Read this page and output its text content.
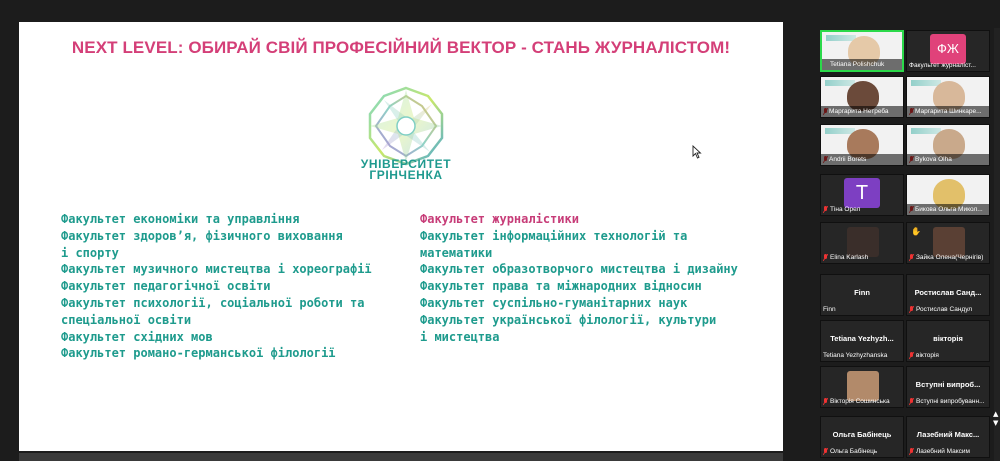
NEXT LEVEL: ОБИРАЙ СВІЙ ПРОФЕСІЙНИЙ ВЕКТОР - СТАНЬ ЖУРНАЛІСТОМ!
УНІВЕРСИТЕТ
ГРІНЧЕНКА
Факультет економіки та управління
Факультет здоровʼя, фізичного виховання
і спорту
Факультет музичного мистецтва і хореографії
Факультет педагогічної освіти
Факультет психології, соціальної роботи та
спеціальної освіти
Факультет східних мов
Факультет романо-германської філології
Факультет журналістики
Факультет інформаційних технологій та
математики
Факультет образотворчого мистецтва і дизайну
Факультет права та міжнародних відносин
Факультет суспільно-гуманітарних наук
Факультет української філології, культури
і мистецтва
Tetiana Polishchuk
ФЖ
Факультет журналіст...
Маргарита Нетреба	Маргарита Шинкаре...
Andrii Borets	Bykova Olha
T
Тіна Орел	Бикова Ольга Микол...
Elina Karlash
✋
Зайка Олена(Чернігів)
Finn
Finn
Ростислав Санд...
Ростислав Сандул
Tetiana Yezhyzh...
Tetiana Yezhyzhanska
вікторія
вікторія
Вікторія Сошинська
Вступні випроб...
Вступні випробуванн...
Ольга Бабінець
Ольга Бабінець
Лазебний Макс...
Лазебний Максим
▲
▼
